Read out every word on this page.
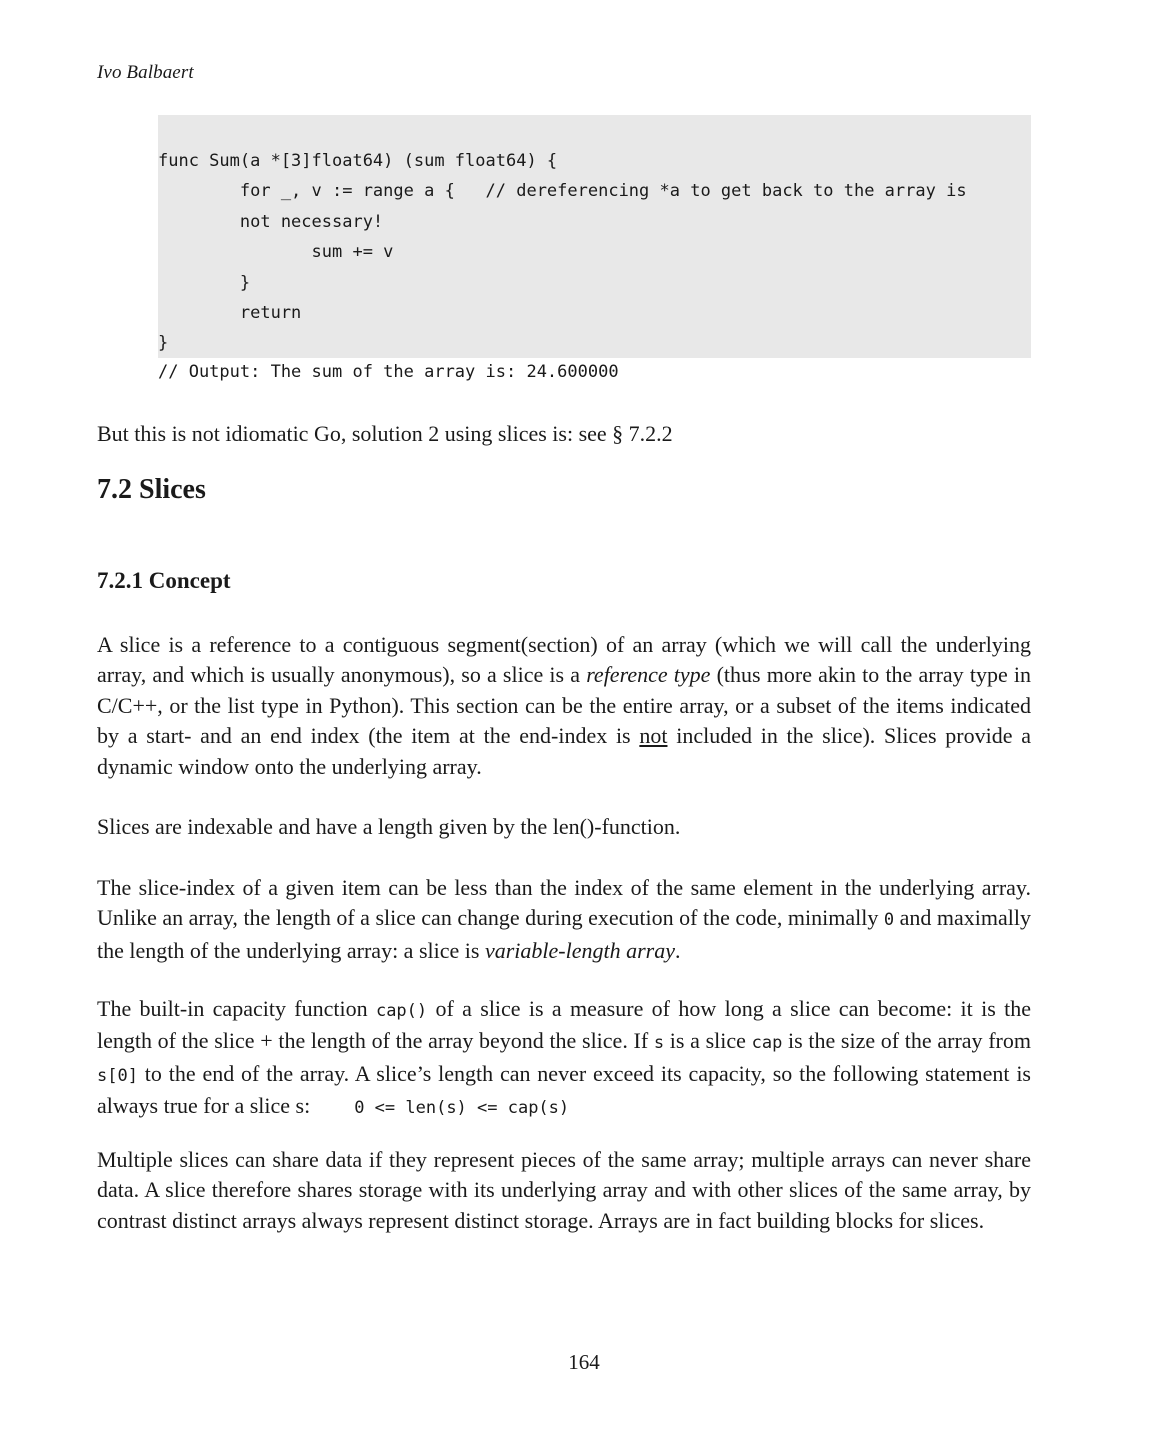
Ivo Balbaert
func Sum(a *[3]float64) (sum float64) {
for _, v := range a {   // dereferencing *a to get back to the array is
not necessary!
sum += v
}
return
}
// Output: The sum of the array is: 24.600000

But this is not idiomatic Go, solution 2 using slices is: see § 7.2.2

7.2 Slices
7.2.1 Concept

A slice is a reference to a contiguous segment(section) of an array (which we will call the underlying array, and which is usually anonymous), so a slice is a reference type (thus more akin to the array type in C/C++, or the list type in Python). This section can be the entire array, or a subset of the items indicated by a start- and an end index (the item at the end-index is not included in the slice). Slices provide a dynamic window onto the underlying array.

Slices are indexable and have a length given by the len()-function.

The slice-index of a given item can be less than the index of the same element in the underlying array. Unlike an array, the length of a slice can change during execution of the code, minimally 0 and maximally the length of the underlying array: a slice is variable-length array.

The built-in capacity function cap() of a slice is a measure of how long a slice can become: it is the length of the slice + the length of the array beyond the slice. If s is a slice cap is the size of the array from s[0] to the end of the array. A slice’s length can never exceed its capacity, so the following statement is always true for a slice s:	0 <= len(s) <= cap(s)

Multiple slices can share data if they represent pieces of the same array; multiple arrays can never share data. A slice therefore shares storage with its underlying array and with other slices of the same array, by contrast distinct arrays always represent distinct storage. Arrays are in fact building blocks for slices.

164
